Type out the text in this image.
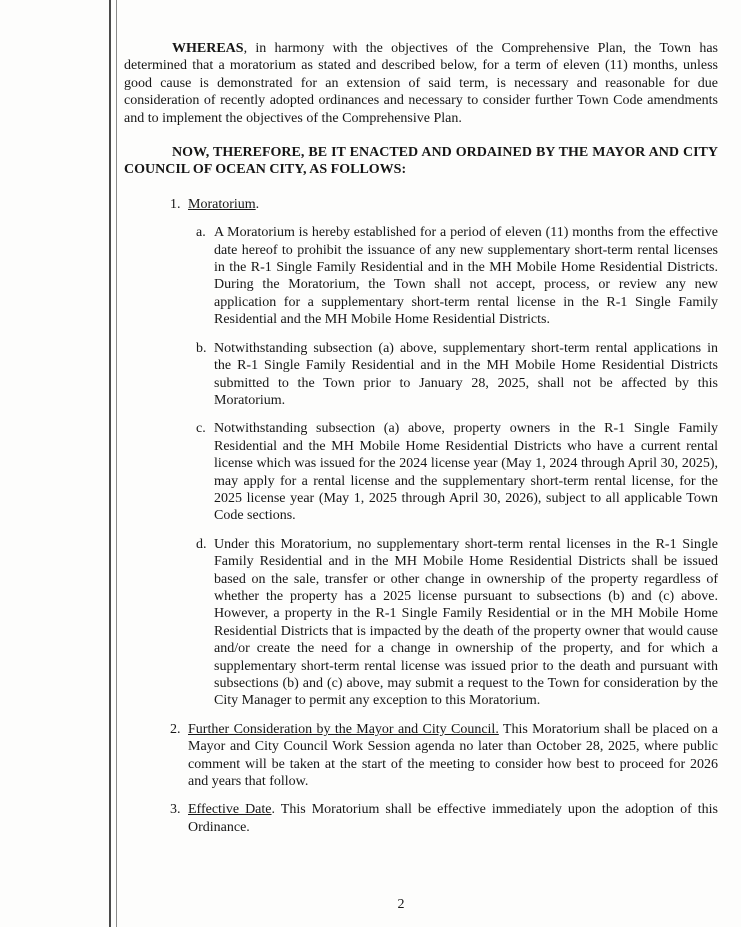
WHEREAS, in harmony with the objectives of the Comprehensive Plan, the Town has determined that a moratorium as stated and described below, for a term of eleven (11) months, unless good cause is demonstrated for an extension of said term, is necessary and reasonable for due consideration of recently adopted ordinances and necessary to consider further Town Code amendments and to implement the objectives of the Comprehensive Plan.

NOW, THEREFORE, BE IT ENACTED AND ORDAINED BY THE MAYOR AND CITY COUNCIL OF OCEAN CITY, AS FOLLOWS:

1. Moratorium.
a. A Moratorium is hereby established for a period of eleven (11) months from the effective date hereof to prohibit the issuance of any new supplementary short-term rental licenses in the R-1 Single Family Residential and in the MH Mobile Home Residential Districts. During the Moratorium, the Town shall not accept, process, or review any new application for a supplementary short-term rental license in the R-1 Single Family Residential and the MH Mobile Home Residential Districts.
b. Notwithstanding subsection (a) above, supplementary short-term rental applications in the R-1 Single Family Residential and in the MH Mobile Home Residential Districts submitted to the Town prior to January 28, 2025, shall not be affected by this Moratorium.
c. Notwithstanding subsection (a) above, property owners in the R-1 Single Family Residential and the MH Mobile Home Residential Districts who have a current rental license which was issued for the 2024 license year (May 1, 2024 through April 30, 2025), may apply for a rental license and the supplementary short-term rental license, for the 2025 license year (May 1, 2025 through April 30, 2026), subject to all applicable Town Code sections.
d. Under this Moratorium, no supplementary short-term rental licenses in the R-1 Single Family Residential and in the MH Mobile Home Residential Districts shall be issued based on the sale, transfer or other change in ownership of the property regardless of whether the property has a 2025 license pursuant to subsections (b) and (c) above. However, a property in the R-1 Single Family Residential or in the MH Mobile Home Residential Districts that is impacted by the death of the property owner that would cause and/or create the need for a change in ownership of the property, and for which a supplementary short-term rental license was issued prior to the death and pursuant with subsections (b) and (c) above, may submit a request to the Town for consideration by the City Manager to permit any exception to this Moratorium.
2. Further Consideration by the Mayor and City Council. This Moratorium shall be placed on a Mayor and City Council Work Session agenda no later than October 28, 2025, where public comment will be taken at the start of the meeting to consider how best to proceed for 2026 and years that follow.
3. Effective Date. This Moratorium shall be effective immediately upon the adoption of this Ordinance.
2
